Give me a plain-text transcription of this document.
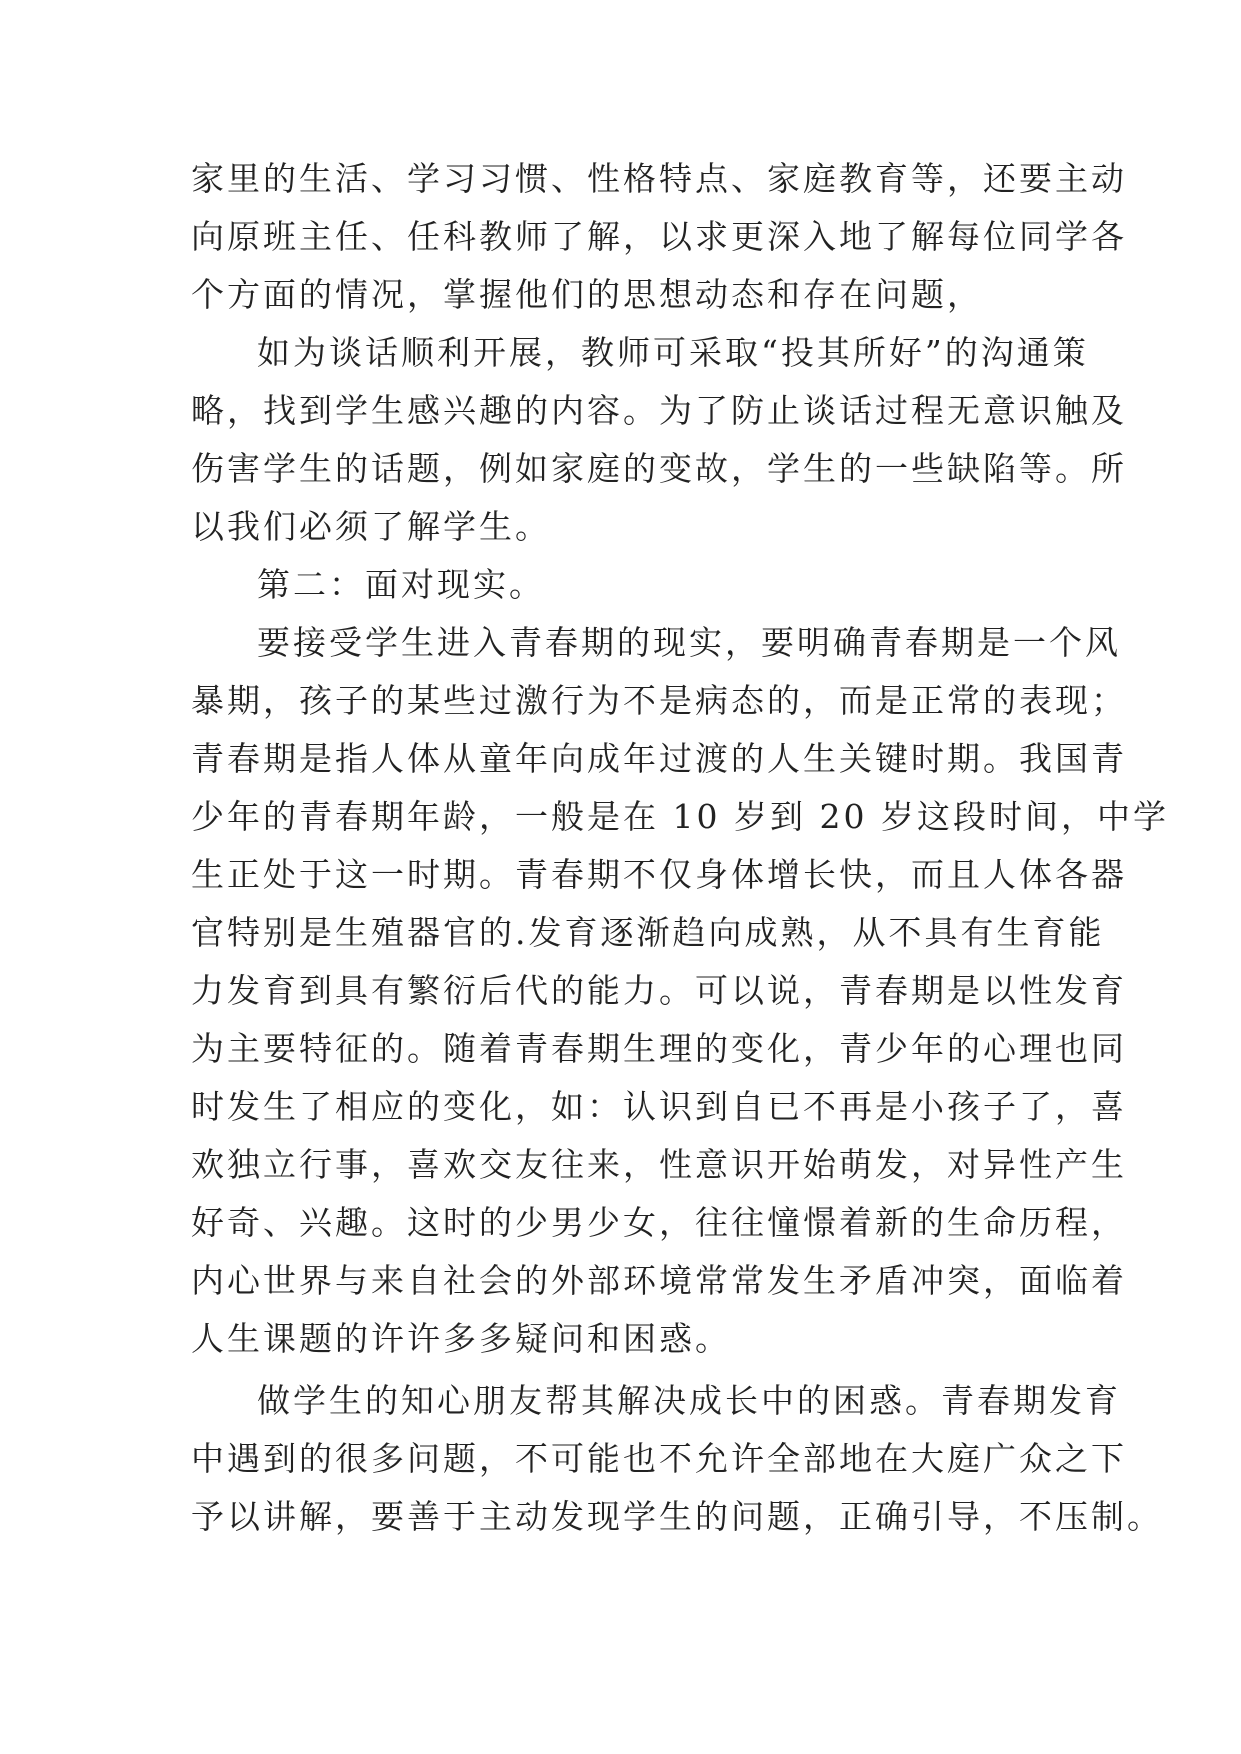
家里的生活、学习习惯、性格特点、家庭教育等，还要主动
向原班主任、任科教师了解，以求更深入地了解每位同学各
个方面的情况，掌握他们的思想动态和存在问题，
如为谈话顺利开展，教师可采取“投其所好”的沟通策
略，找到学生感兴趣的内容。为了防止谈话过程无意识触及
伤害学生的话题，例如家庭的变故，学生的一些缺陷等。所
以我们必须了解学生。
第二：面对现实。
要接受学生进入青春期的现实，要明确青春期是一个风
暴期，孩子的某些过激行为不是病态的，而是正常的表现；
青春期是指人体从童年向成年过渡的人生关键时期。我国青
少年的青春期年龄，一般是在 10 岁到 20 岁这段时间，中学
生正处于这一时期。青春期不仅身体增长快，而且人体各器
官特别是生殖器官的.发育逐渐趋向成熟，从不具有生育能
力发育到具有繁衍后代的能力。可以说，青春期是以性发育
为主要特征的。随着青春期生理的变化，青少年的心理也同
时发生了相应的变化，如：认识到自已不再是小孩子了，喜
欢独立行事，喜欢交友往来，性意识开始萌发，对异性产生
好奇、兴趣。这时的少男少女，往往憧憬着新的生命历程，
内心世界与来自社会的外部环境常常发生矛盾冲突，面临着
人生课题的许许多多疑问和困惑。
做学生的知心朋友帮其解决成长中的困惑。青春期发育
中遇到的很多问题，不可能也不允许全部地在大庭广众之下
予以讲解，要善于主动发现学生的问题，正确引导，不压制。
